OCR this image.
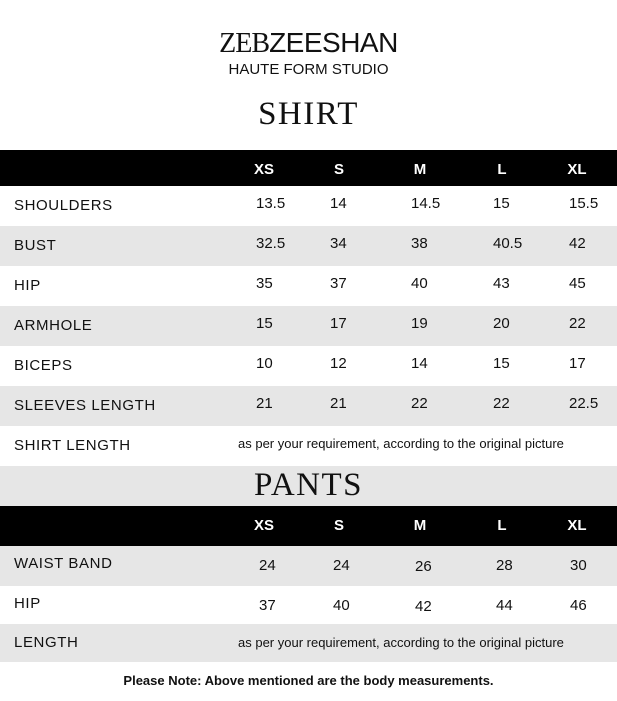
ZEBZEESHAN
HAUTE FORM STUDIO
SHIRT
XS	S	M	L	XL
SHOULDERS	13.5	14	14.5	15	15.5
BUST	32.5	34	38	40.5	42
HIP	35	37	40	43	45
ARMHOLE	15	17	19	20	22
BICEPS	10	12	14	15	17
SLEEVES LENGTH	21	21	22	22	22.5
SHIRT LENGTH	as per your requirement, according to the original picture
PANTS
XS	S	M	L	XL
WAIST BAND	24	24	26	28	30
HIP	37	40	42	44	46
LENGTH	as per your requirement, according to the original picture
Please Note: Above mentioned are the body measurements.
